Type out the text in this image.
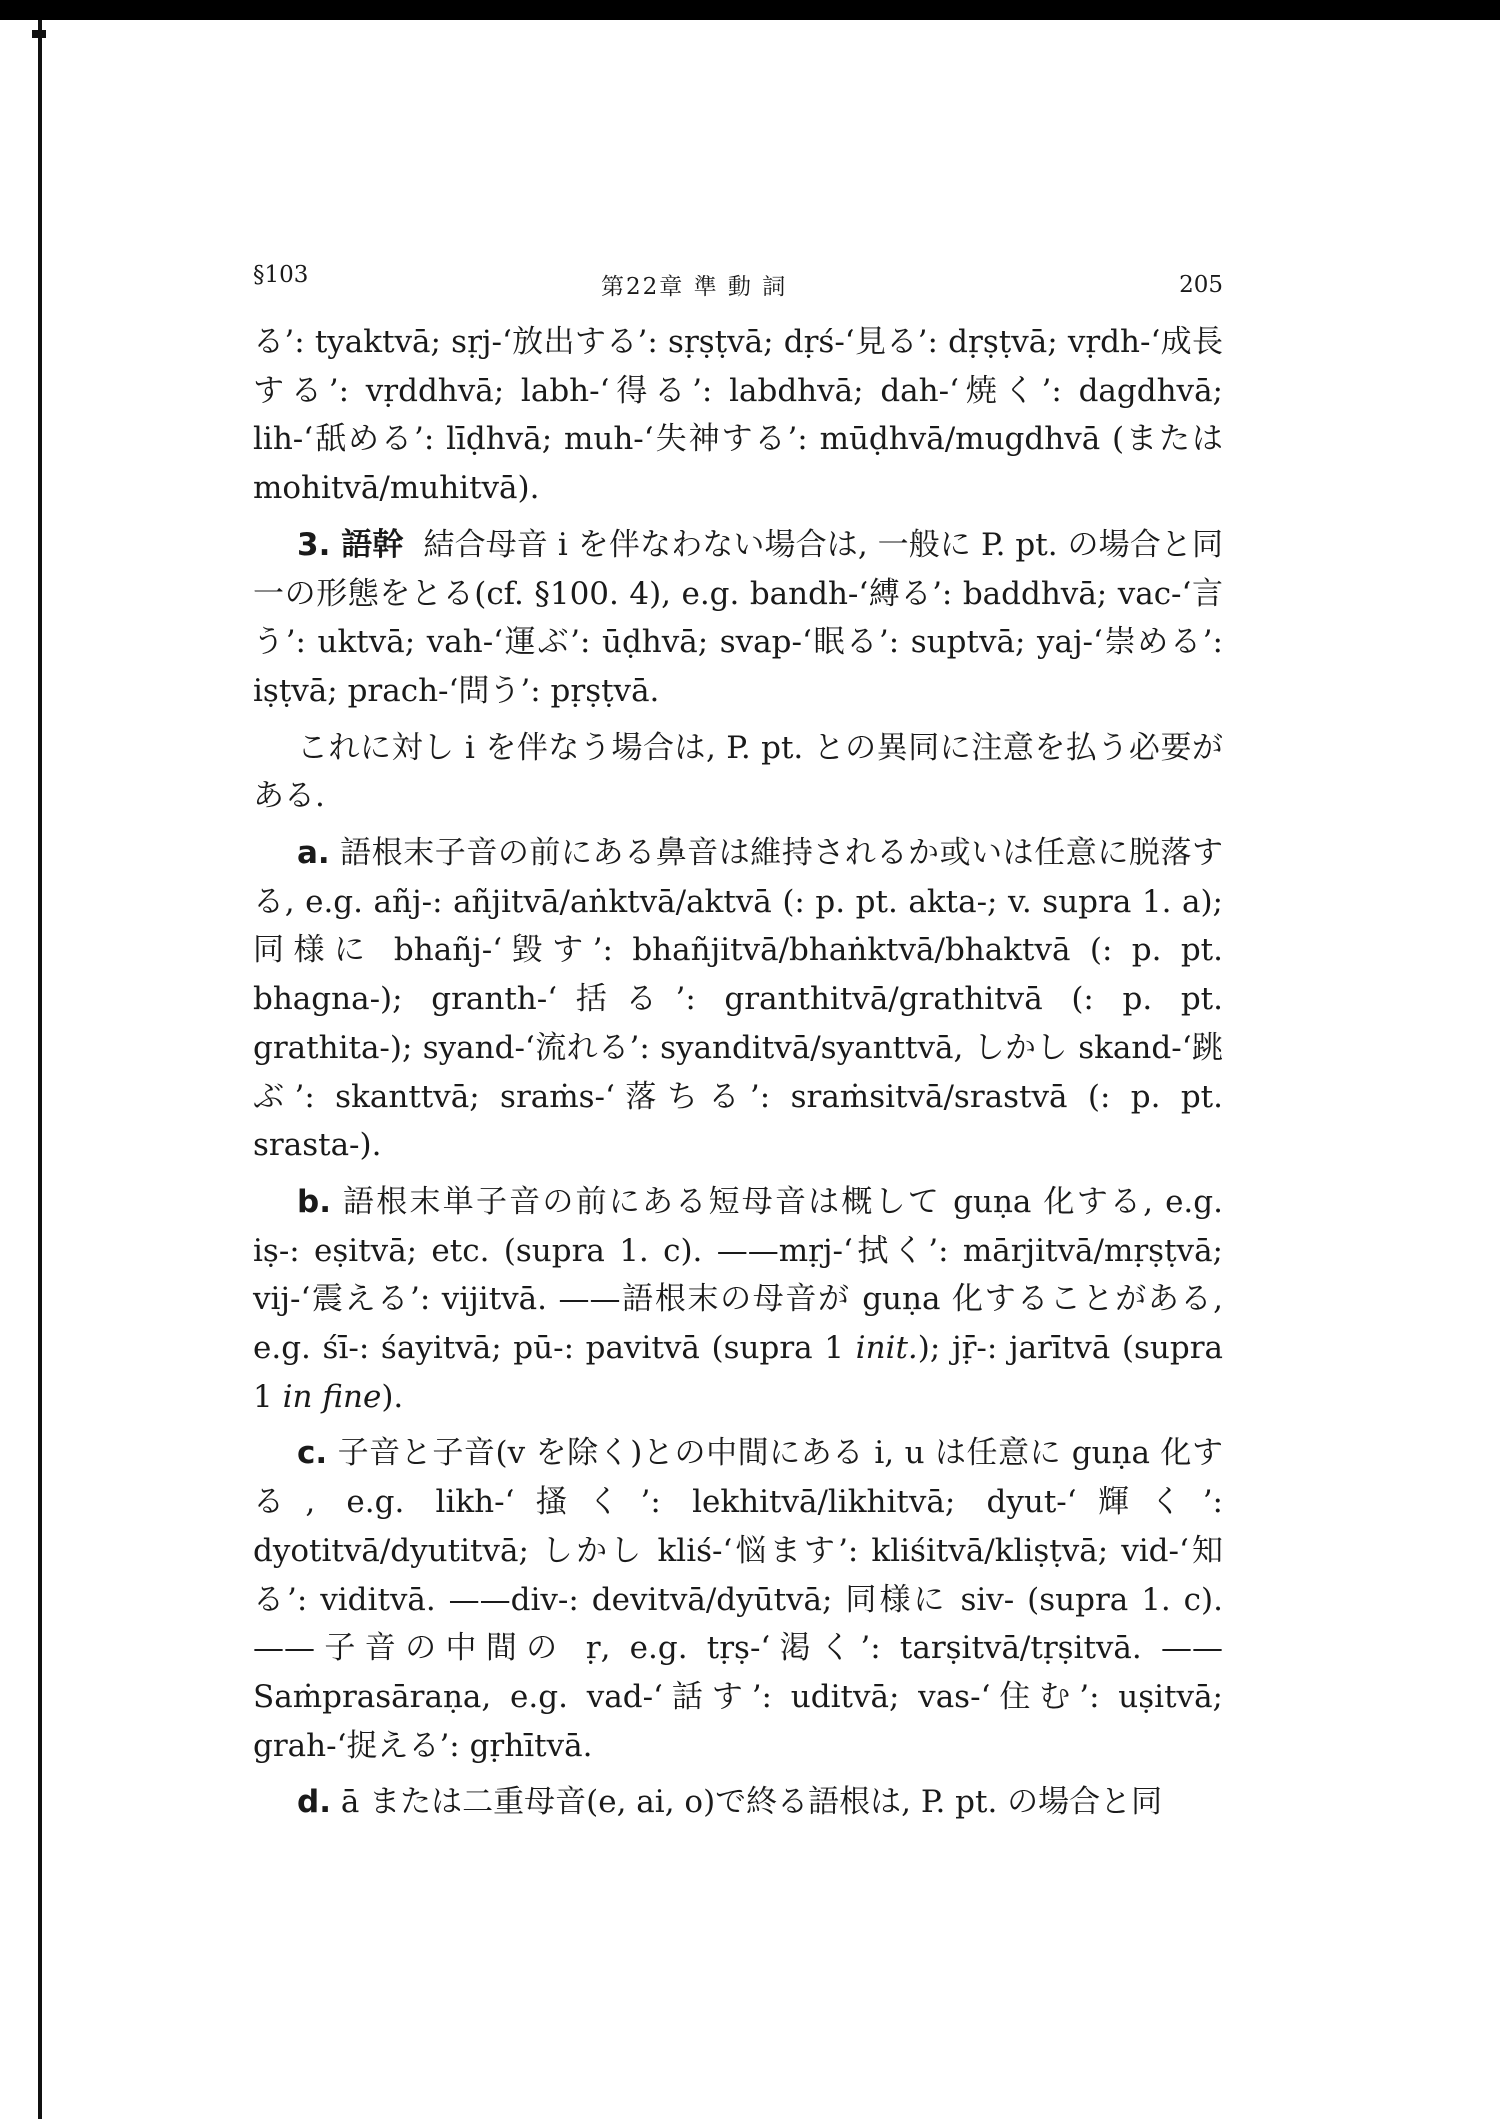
§103	第22章 準 動 詞	205

る’: tyaktvā; sṛj-‘放出する’: sṛṣṭvā; dṛś-‘見る’: dṛṣṭvā; vṛdh-‘成長する’: vṛddhvā; labh-‘得る’: labdhvā; dah-‘焼く’: dagdhvā; lih-‘舐める’: līḍhvā; muh-‘失神する’: mūḍhvā/mugdhvā (または mohitvā/muhitvā).

3. 語幹 結合母音 i を伴なわない場合は, 一般に P. pt. の場合と同一の形態をとる(cf. §100. 4), e.g. bandh-‘縛る’: baddhvā; vac-‘言う’: uktvā; vah-‘運ぶ’: ūḍhvā; svap-‘眠る’: suptvā; yaj-‘崇める’: iṣṭvā; prach-‘問う’: pṛṣṭvā.

これに対し i を伴なう場合は, P. pt. との異同に注意を払う必要がある.

a. 語根末子音の前にある鼻音は維持されるか或いは任意に脱落する, e.g. añj-: añjitvā/aṅktvā/aktvā (: p. pt. akta-; v. supra 1. a); 同様に bhañj-‘毀す’: bhañjitvā/bhaṅktvā/bhaktvā (: p. pt. bhagna-); granth-‘括る’: granthitvā/grathitvā (: p. pt. grathita-); syand-‘流れる’: syanditvā/syanttvā, しかし skand-‘跳ぶ’: skanttvā; sraṁs-‘落ちる’: sraṁsitvā/srastvā (: p. pt. srasta-).

b. 語根末単子音の前にある短母音は概して guṇa 化する, e.g. iṣ-: eṣitvā; etc. (supra 1. c). ——mṛj-‘拭く’: mārjitvā/mṛṣṭvā; vij-‘震える’: vijitvā. ——語根末の母音が guṇa 化することがある, e.g. śī-: śayitvā; pū-: pavitvā (supra 1 init.); jṝ-: jarītvā (supra 1 in fine).

c. 子音と子音(v を除く)との中間にある i, u は任意に guṇa 化する, e.g. likh-‘搔く’: lekhitvā/likhitvā; dyut-‘輝く’: dyotitvā/dyutitvā; しかし kliś-‘悩ます’: kliśitvā/kliṣṭvā; vid-‘知る’: viditvā. ——div-: devitvā/dyūtvā; 同様に siv- (supra 1. c). ——子音の中間の ṛ, e.g. tṛṣ-‘渇く’: tarṣitvā/tṛṣitvā. ——Saṁprasāraṇa, e.g. vad-‘話す’: uditvā; vas-‘住む’: uṣitvā; grah-‘捉える’: gṛhītvā.

d. ā または二重母音(e, ai, o)で終る語根は, P. pt. の場合と同
